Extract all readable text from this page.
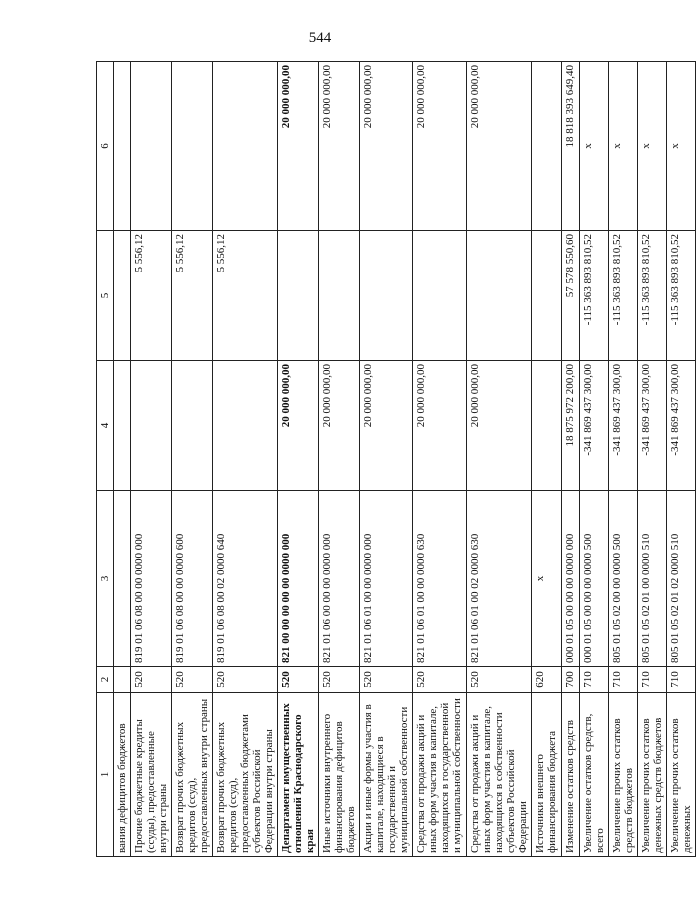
544
1	2	3	4	5	6
вания дефицитов бюджетов					
Прочие бюджетные кредиты (ссуды), предоставленные внутри страны	520	819 01 06 08 00 00 0000 000		5 556,12	
Возврат прочих бюджетных кредитов (ссуд), предоставленных внутри страны	520	819 01 06 08 00 00 0000 600		5 556,12	
Возврат прочих бюджетных кредитов (ссуд), предоставленных бюджетами субъектов Российской Федерации внутри страны	520	819 01 06 08 00 02 0000 640		5 556,12	
Департамент имущественных отношений Краснодарского края	520	821 00 00 00 00 00 0000 000	20 000 000,00		20 000 000,00
Иные источники внутреннего финансирования дефицитов бюджетов	520	821 01 06 00 00 00 0000 000	20 000 000,00		20 000 000,00
Акции и иные формы участия в капитале, находящиеся в государственной и муниципальной собственности	520	821 01 06 01 00 00 0000 000	20 000 000,00		20 000 000,00
Средства от продажи акций и иных форм участия в капитале, находящихся в государственной и муниципальной собственности	520	821 01 06 01 00 00 0000 630	20 000 000,00		20 000 000,00
Средства от продажи акций и иных форм участия в капитале, находящихся в собственности субъектов Российской Федерации	520	821 01 06 01 00 02 0000 630	20 000 000,00		20 000 000,00
Источники внешнего финансирования бюджета	620	х			
Изменение остатков средств	700	000 01 05 00 00 00 0000 000	18 875 972 200,00	57 578 550,60	18 818 393 649,40
Увеличение остатков средств, всего	710	000 01 05 00 00 00 0000 500	-341 869 437 300,00	-115 363 893 810,52	х
Увеличение прочих остатков средств бюджетов	710	805 01 05 02 00 00 0000 500	-341 869 437 300,00	-115 363 893 810,52	х
Увеличение прочих остатков денежных средств бюджетов	710	805 01 05 02 01 00 0000 510	-341 869 437 300,00	-115 363 893 810,52	х
Увеличение прочих остатков денежных	710	805 01 05 02 01 02 0000 510	-341 869 437 300,00	-115 363 893 810,52	х
